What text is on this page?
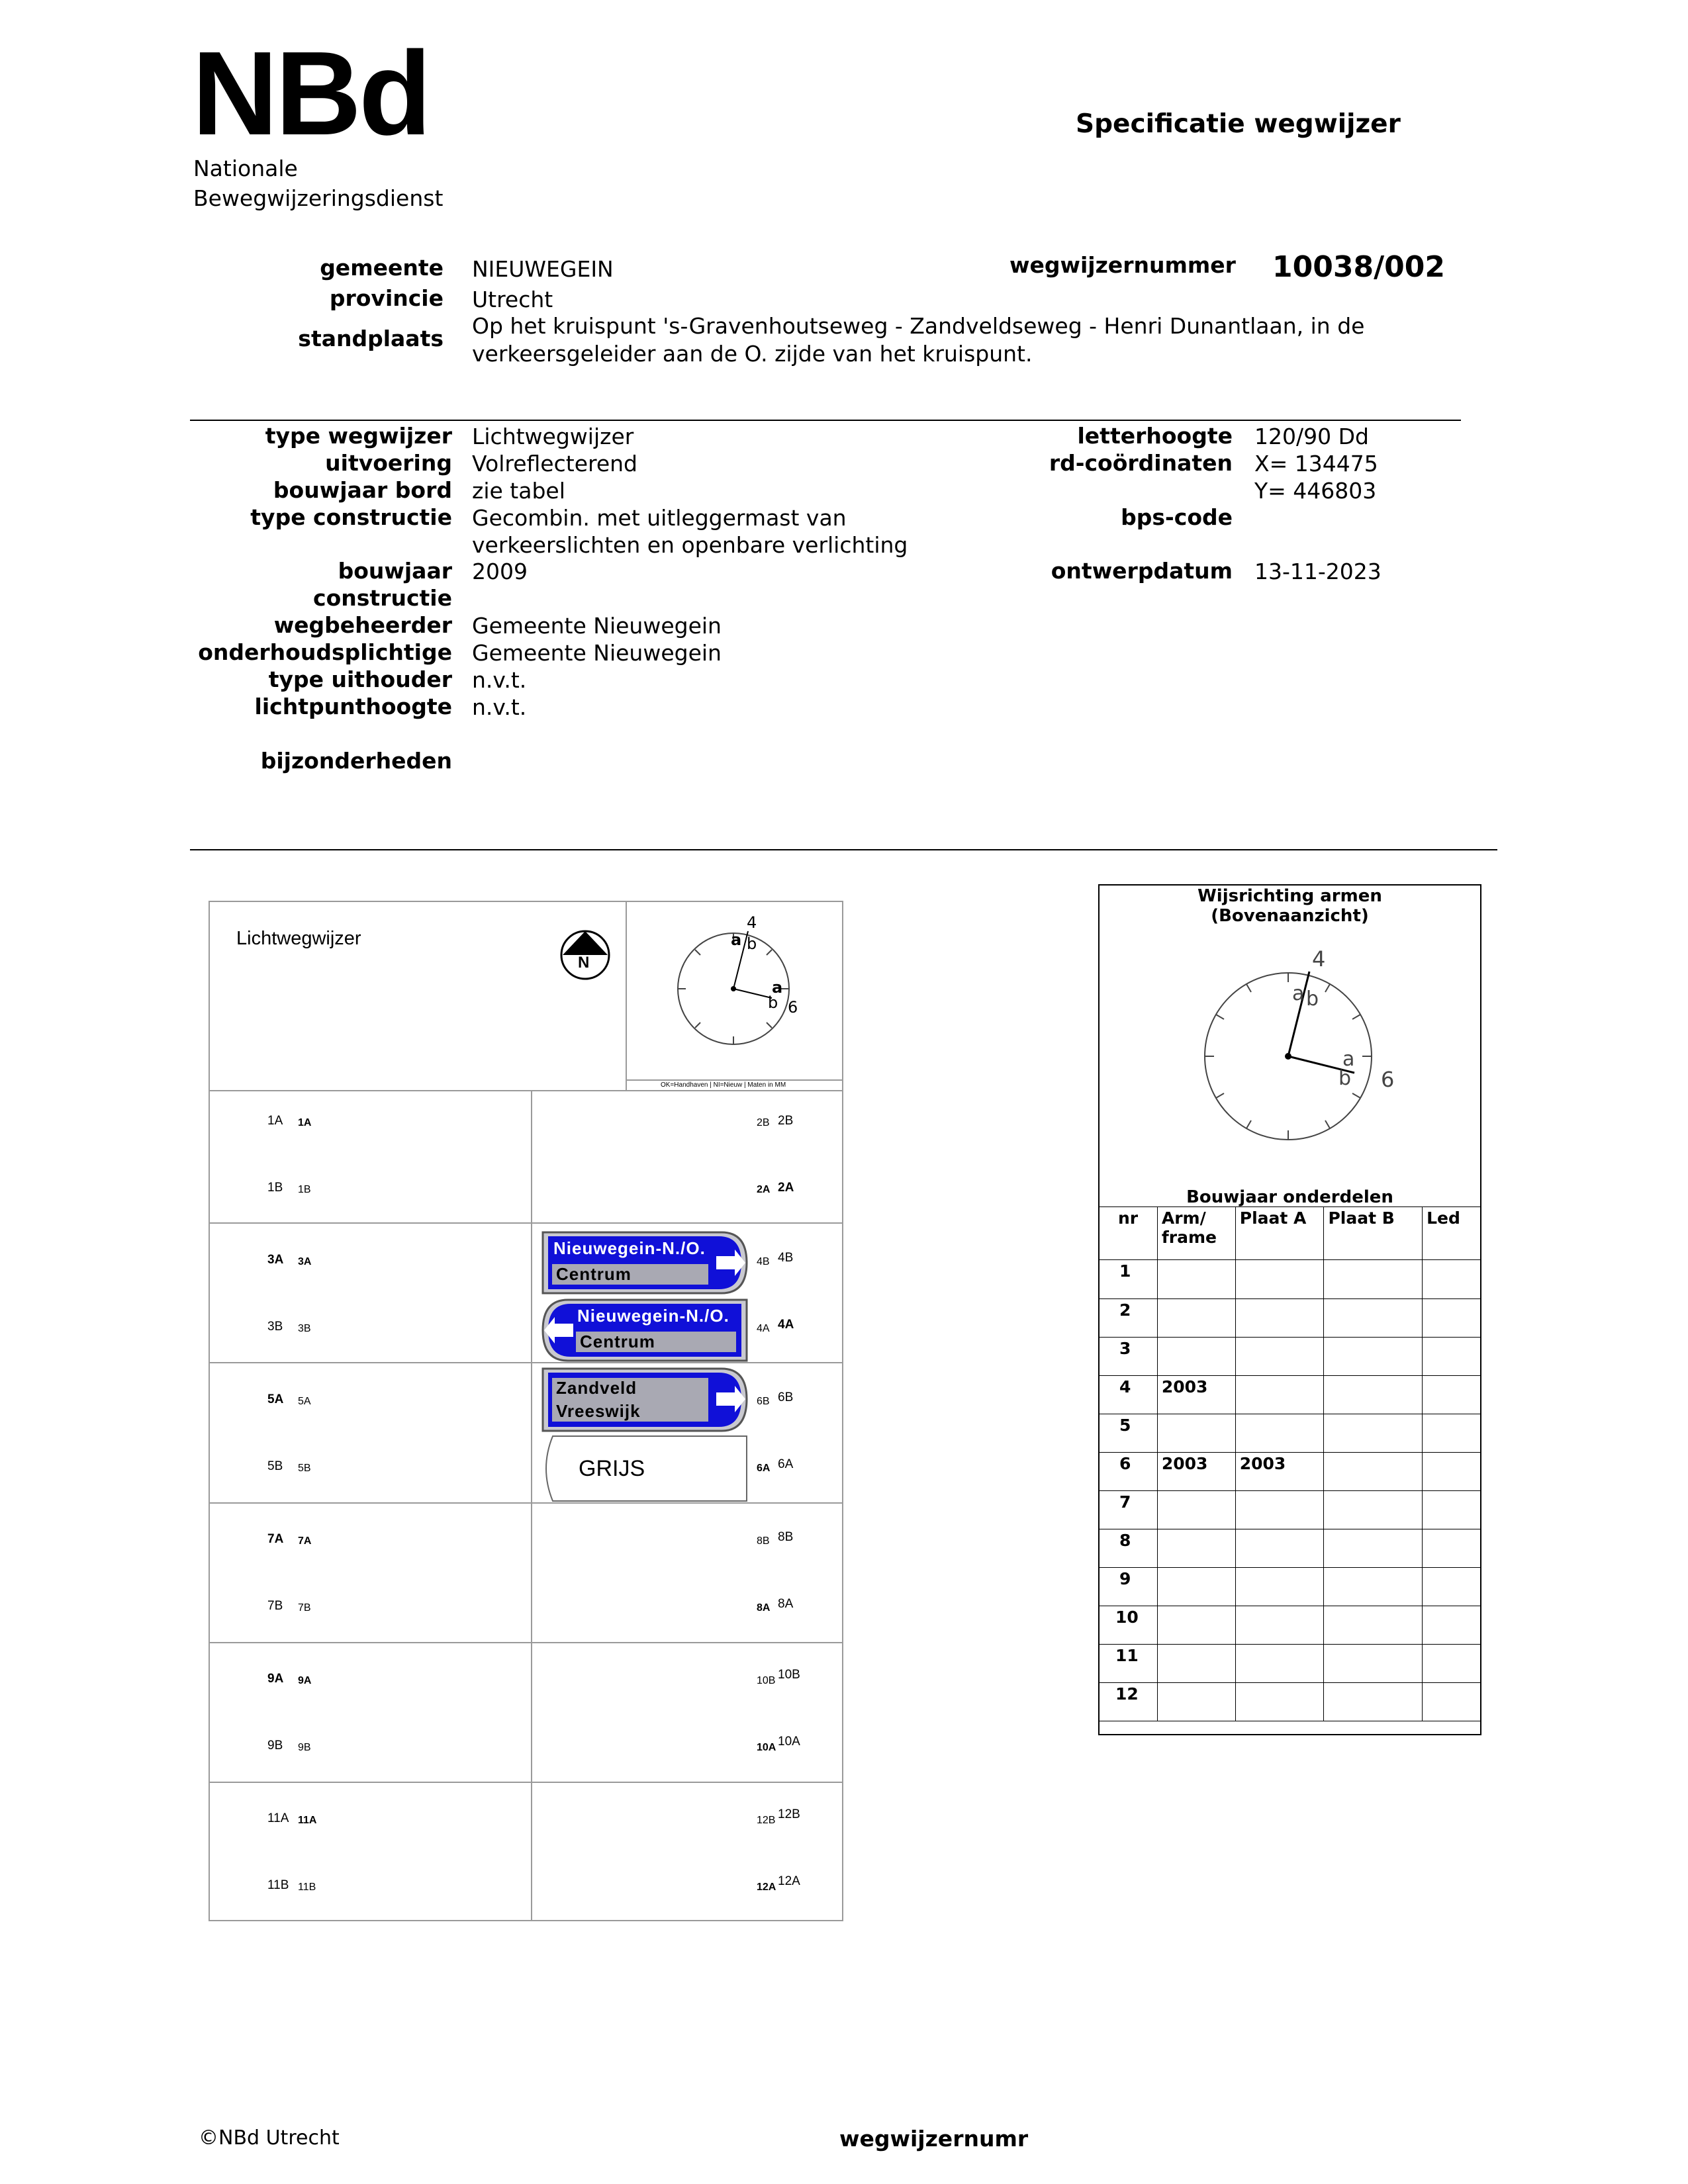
NBd
Nationale
Bewegwijzeringsdienst
Specificatie wegwijzer
gemeente NIEUWEGEIN
provincie Utrecht
standplaats Op het kruispunt 's-Gravenhoutseweg - Zandveldseweg - Henri Dunantlaan, in de
verkeersgeleider aan de O. zijde van het kruispunt.
wegwijzernummer 10038/002
type wegwijzer Lichtwegwijzer
uitvoering Volreflecterend
bouwjaar bord zie tabel
type constructie Gecombin. met uitleggermast van
verkeerslichten en openbare verlichting
bouwjaar
constructie
2009
wegbeheerder Gemeente Nieuwegein
onderhoudsplichtige Gemeente Nieuwegein
type uithouder n.v.t.
lichtpunthoogte n.v.t.
bijzonderheden
letterhoogte 120/90 Dd
rd-coördinaten X= 134475
Y= 446803
bps-code
ontwerpdatum 13-11-2023
Lichtwegwijzer
N
4
a b
a
b 6
OK=Handhaven | NI=Nieuw | Maten in MM
1A 1A
1B 1B
3A 3A
3B 3B
5A 5A
5B 5B
7A 7A
7B 7B
9A 9A
9B 9B
11A 11A
11B 11B
2B 2B
2A 2A
4B 4B
4A 4A
6B 6B
6A 6A
8B 8B
8A 8A
10B 10B
10A 10A
12B 12B
12A 12A
Nieuwegein-N./O.
Centrum
Nieuwegein-N./O.
Centrum
Zandveld
Vreeswijk
GRIJS
Wijsrichting armen
(Bovenaanzicht)
4
a b
a
b 6
Bouwjaar onderdelen
nr	Arm/ frame	Plaat A	Plaat B	Led
1				
2				
3				
4	2003			
5				
6	2003	2003		
7				
8				
9				
10				
11				
12				
©NBd Utrecht	wegwijzernumr
